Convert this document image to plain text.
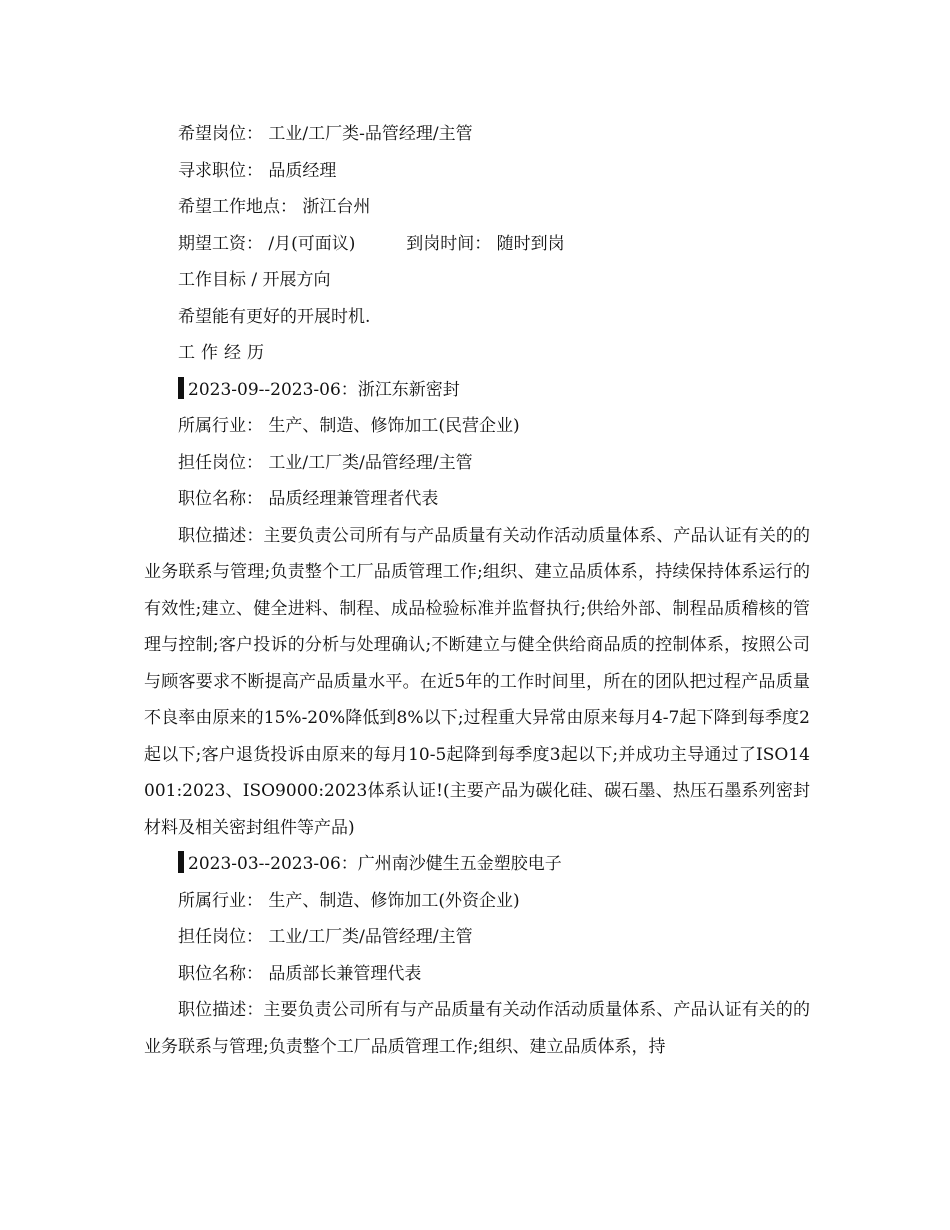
希望岗位： 工业/工厂类-品管经理/主管
寻求职位： 品质经理
希望工作地点： 浙江台州
期望工资： /月(可面议)	到岗时间： 随时到岗
工作目标 / 开展方向
希望能有更好的开展时机.
工作经历
2023-09--2023-06：浙江东新密封
所属行业： 生产、制造、修饰加工(民营企业)
担任岗位： 工业/工厂类/品管经理/主管
职位名称： 品质经理兼管理者代表
职位描述：主要负责公司所有与产品质量有关动作活动质量体系、产品认证有关的的业务联系与管理;负责整个工厂品质管理工作;组织、建立品质体系，持续保持体系运行的有效性;建立、健全进料、制程、成品检验标准并监督执行;供给外部、制程品质稽核的管理与控制;客户投诉的分析与处理确认;不断建立与健全供给商品质的控制体系，按照公司与顾客要求不断提高产品质量水平。在近5年的工作时间里，所在的团队把过程产品质量不良率由原来的15%-20%降低到8%以下;过程重大异常由原来每月4-7起下降到每季度2起以下;客户退货投诉由原来的每月10-5起降到每季度3起以下;并成功主导通过了ISO14001:2023、ISO9000:2023体系认证!(主要产品为碳化硅、碳石墨、热压石墨系列密封材料及相关密封组件等产品)
2023-03--2023-06：广州南沙健生五金塑胶电子
所属行业： 生产、制造、修饰加工(外资企业)
担任岗位： 工业/工厂类/品管经理/主管
职位名称： 品质部长兼管理代表
职位描述：主要负责公司所有与产品质量有关动作活动质量体系、产品认证有关的的业务联系与管理;负责整个工厂品质管理工作;组织、建立品质体系，持
